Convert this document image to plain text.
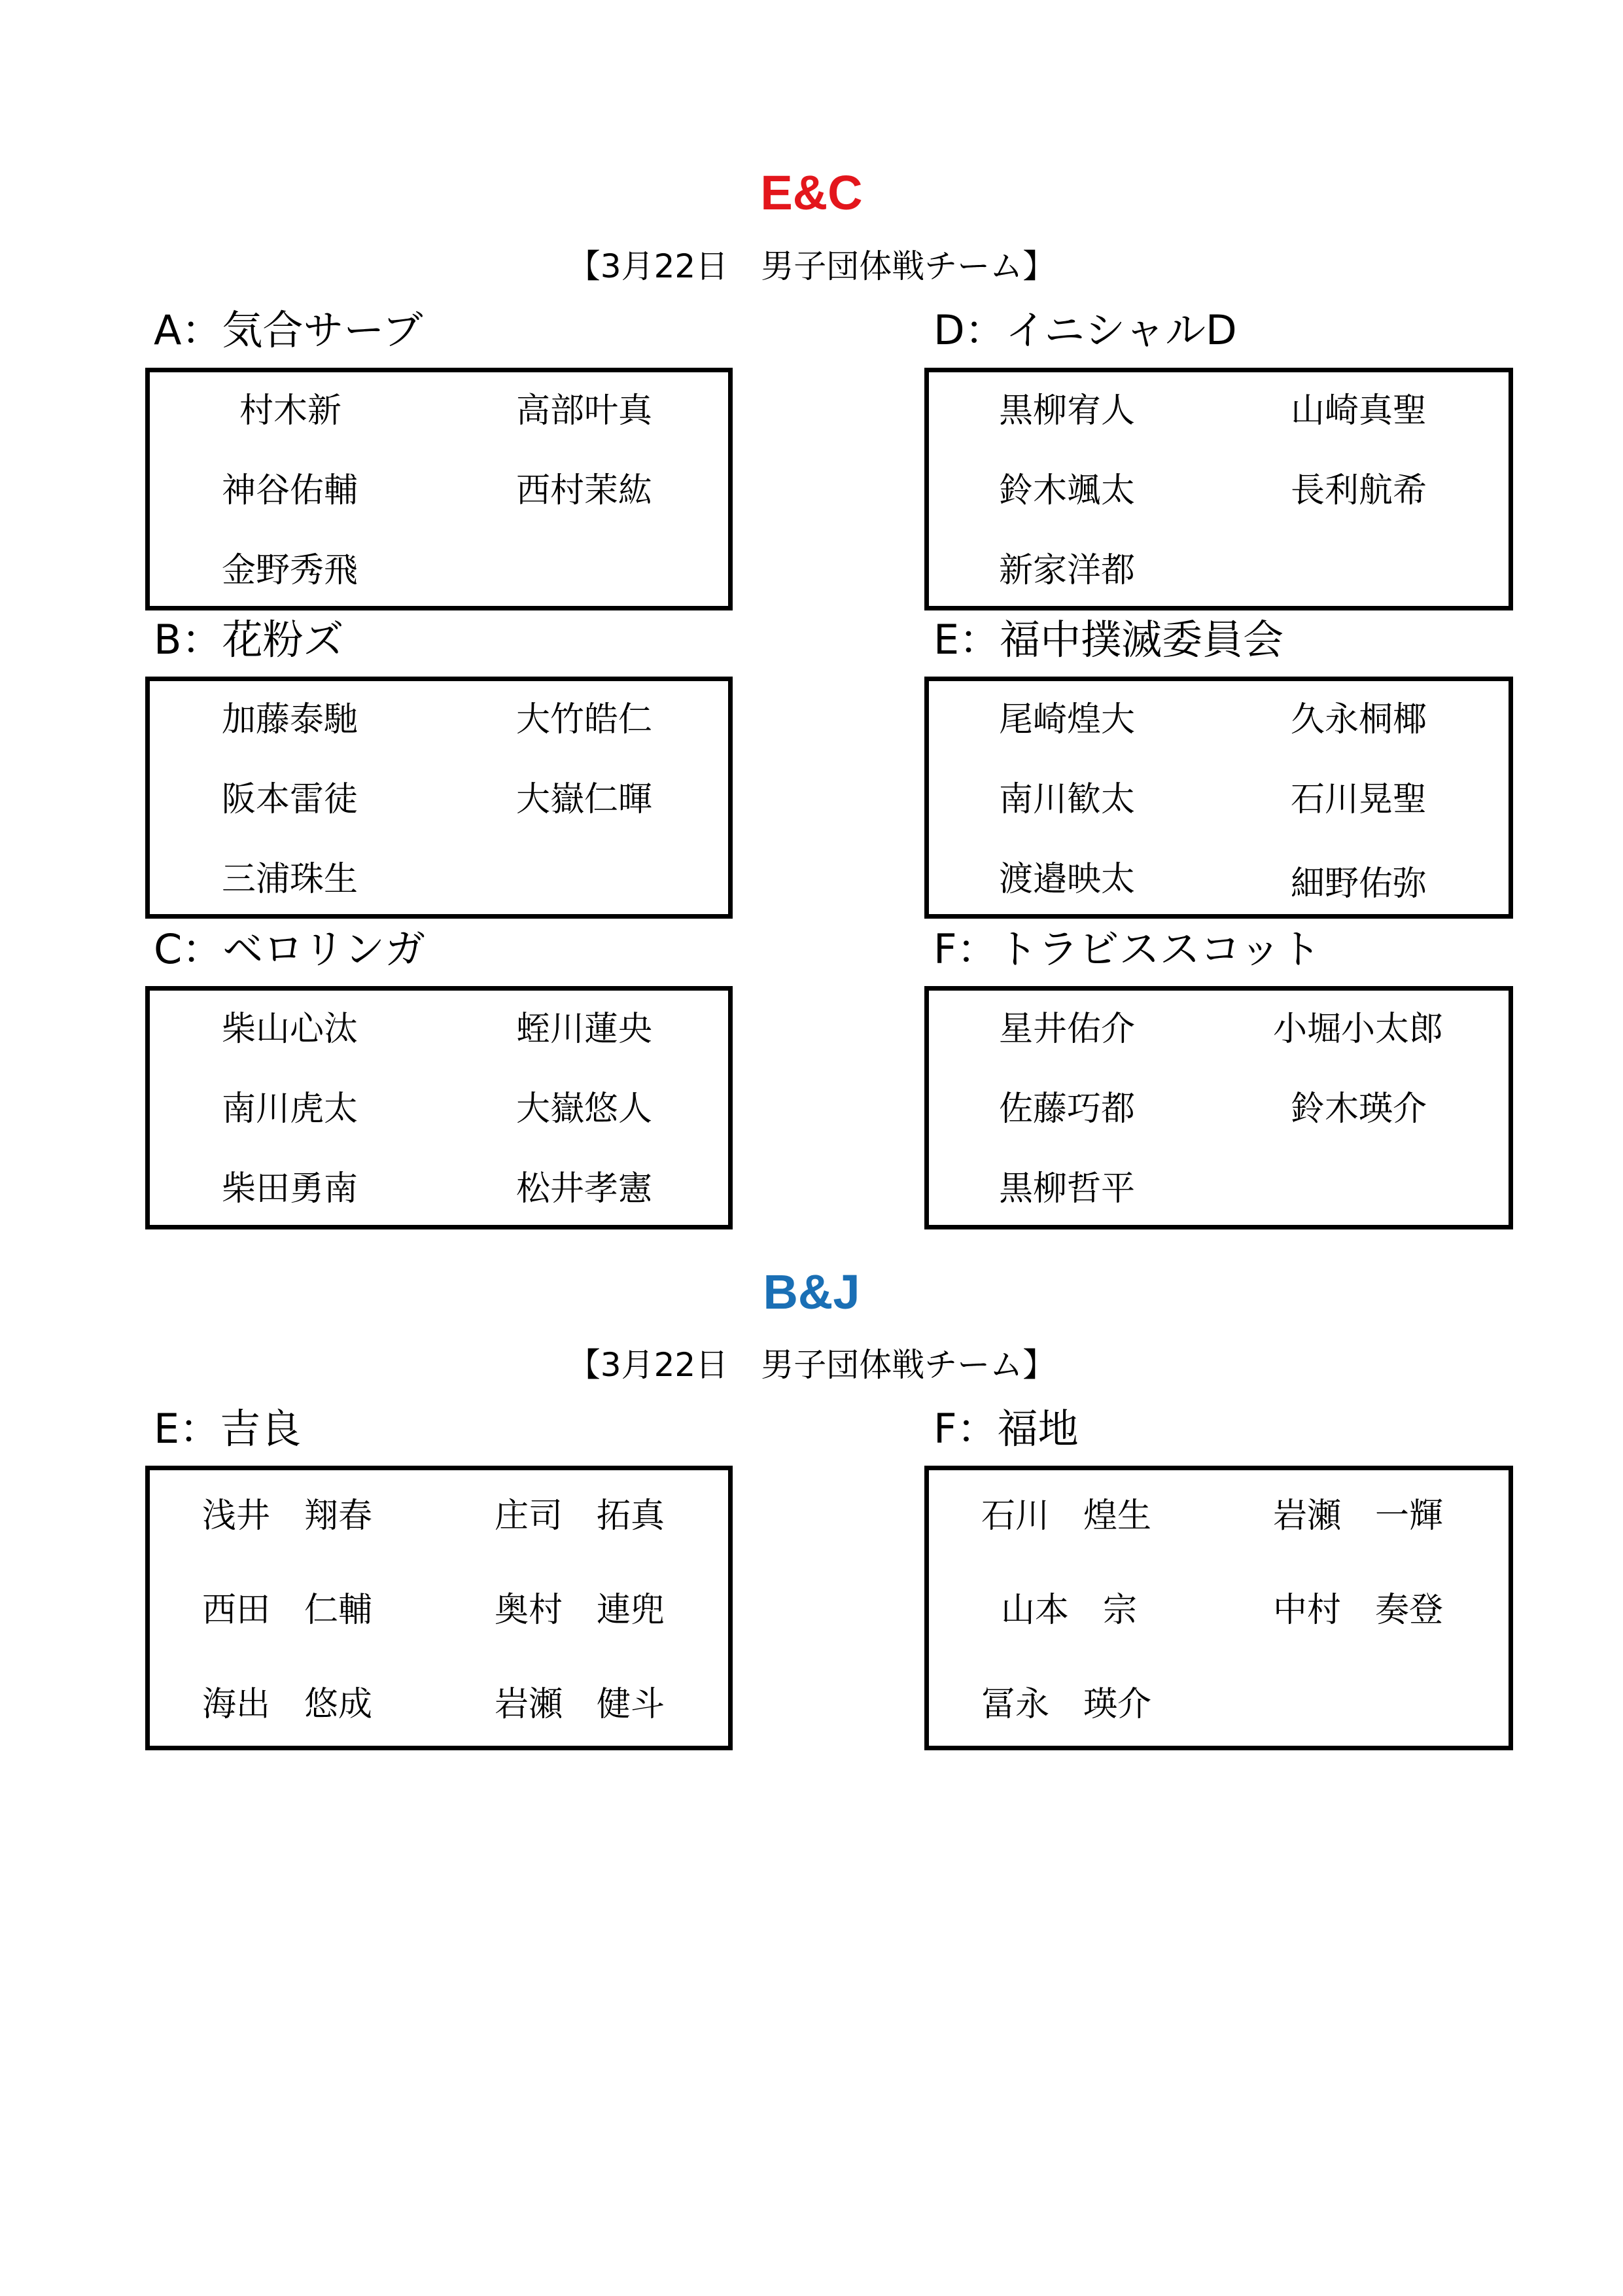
E&C
【3月22日　男子団体戦チーム】
A：気合サーブ
村木新	高部叶真
神谷佑輔	西村茉紘
金野秀飛
D：イニシャルD
黒柳宥人	山崎真聖
鈴木颯太	長利航希
新家洋都
B：花粉ズ
加藤泰馳	大竹皓仁
阪本雷徒	大嶽仁暉
三浦珠生
E：福中撲滅委員会
尾崎煌大	久永桐椰
南川歓太	石川晃聖
渡邉映太	細野佑弥
C：ベロリンガ
柴山心汰	蛭川蓮央
南川虎太	大嶽悠人
柴田勇南	松井孝憲
F：トラビススコット
星井佑介	小堀小太郎
佐藤巧都	鈴木瑛介
黒柳哲平
B&J
【3月22日　男子団体戦チーム】
E：吉良
浅井　翔春	庄司　拓真
西田　仁輔	奥村　連兜
海出　悠成	岩瀬　健斗
F：福地
石川　煌生	岩瀬　一輝
山本　宗	中村　奏登
冨永　瑛介
